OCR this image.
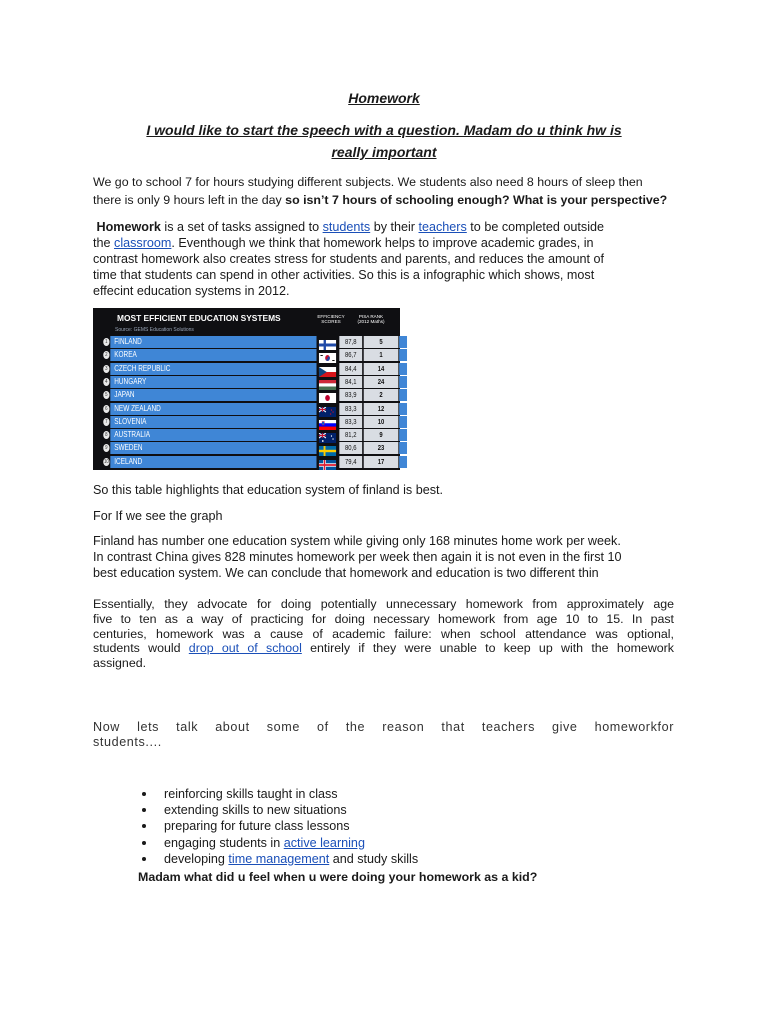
Homework
I would like to start the speech with a question. Madam do u think hw is
really important
We go to school 7 for hours studying different subjects. We students also need 8 hours of sleep then
there is only 9 hours left in the day so isn’t 7 hours of schooling enough? What is your perspective?
Homework is a set of tasks assigned to students by their teachers to be completed outside
the classroom. Eventhough we think that homework helps to improve academic grades, in
contrast homework also creates stress for students and parents, and reduces the amount of
time that students can spend in other activities. So this is a infographic which shows, most
effecint education systems in 2012.
MOST EFFICIENT EDUCATION SYSTEMS
Source: GEMS Education Solutions
EFFICIENCY
SCORES
PISA RANK
(2012 Maths)
1 FINLAND	87,8	5
2 KOREA	86,7	1
3 CZECH REPUBLIC	84,4	14
4 HUNGARY	84,1	24
5 JAPAN	83,9	2
6 NEW ZEALAND	83,3	12
7 SLOVENIA	83,3	10
8 AUSTRALIA	81,2	9
9 SWEDEN	80,6	23
10 ICELAND	79,4	17
So this table highlights that education system of finland is best.
For If we see the graph
Finland has number one education system while giving only 168 minutes home work per week.
In contrast China gives 828 minutes homework per week then again it is not even in the first 10
best education system. We can conclude that homework and education is two different thin
Essentially, they advocate for doing potentially unnecessary homework from approximately age
five to ten as a way of practicing for doing necessary homework from age 10 to 15. In past
centuries, homework was a cause of academic failure: when school attendance was optional,
students would drop out of school entirely if they were unable to keep up with the homework
assigned.
Now lets talk about some of the reason that teachers give homeworkfor
students....
reinforcing skills taught in class
extending skills to new situations
preparing for future class lessons
engaging students in active learning
developing time management and study skills
Madam what did u feel when u were doing your homework as a kid?
